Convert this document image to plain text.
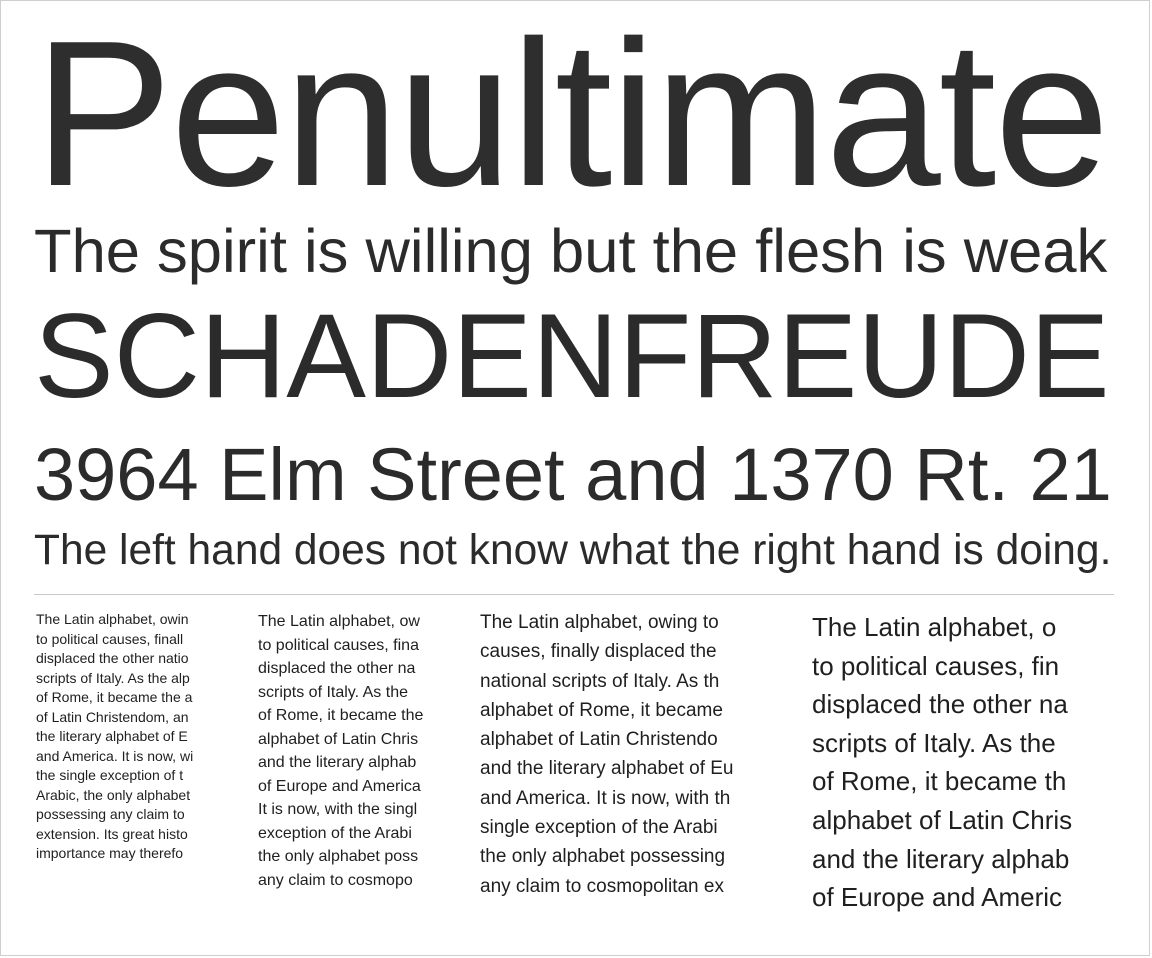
Penultimate
The spirit is willing but the flesh is weak
SCHADENFREUDE
3964 Elm Street and 1370 Rt. 21
The left hand does not know what the right hand is doing.
The Latin alphabet, owin
to political causes, finall
displaced the other natio
scripts of Italy. As the alp
of Rome, it became the a
of Latin Christendom, an
the literary alphabet of E
and America. It is now, wi
the single exception of t
Arabic, the only alphabet
possessing any claim to
extension. Its great histo
importance may therefo
The Latin alphabet, ow
to political causes, fina
displaced the other na
scripts of Italy. As the
of Rome, it became the
alphabet of Latin Chris
and the literary alphab
of Europe and America
It is now, with the singl
exception of the Arabi
the only alphabet poss
any claim to cosmopo
The Latin alphabet, owing to
causes, finally displaced the
national scripts of Italy. As th
alphabet of Rome, it became
alphabet of Latin Christendo
and the literary alphabet of Eu
and America. It is now, with th
single exception of the Arabi
the only alphabet possessing
any claim to cosmopolitan ex
The Latin alphabet, o
to political causes, fin
displaced the other na
scripts of Italy. As the
of Rome, it became th
alphabet of Latin Chris
and the literary alphab
of Europe and Americ
